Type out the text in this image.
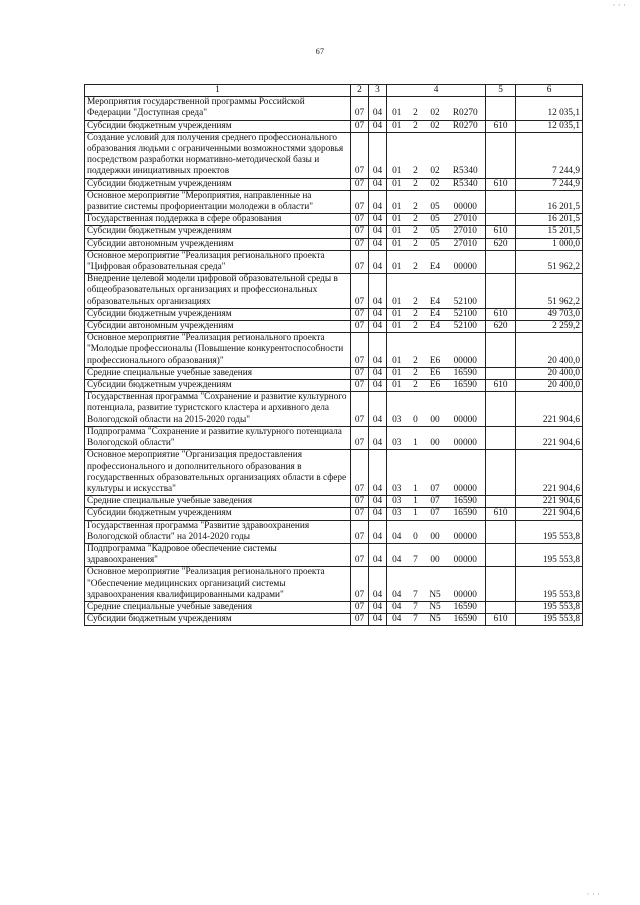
· · ·
67
1	2	3	4				5	6
Мероприятия государственной программы Российской Федерации "Доступная среда"	07	04	01	2	02	R0270		12 035,1
Субсидии бюджетным учреждениям	07	04	01	2	02	R0270	610	12 035,1
Создание условий для получения среднего профессионального образования людьми с ограниченными возможностями здоровья посредством разработки нормативно-методической базы и поддержки инициативных проектов	07	04	01	2	02	R5340		7 244,9
Субсидии бюджетным учреждениям	07	04	01	2	02	R5340	610	7 244,9
Основное мероприятие "Мероприятия, направленные на развитие системы профориентации молодежи в области"	07	04	01	2	05	00000		16 201,5
Государственная поддержка в сфере образования	07	04	01	2	05	27010		16 201,5
Субсидии бюджетным учреждениям	07	04	01	2	05	27010	610	15 201,5
Субсидии автономным учреждениям	07	04	01	2	05	27010	620	1 000,0
Основное мероприятие "Реализация регионального проекта "Цифровая образовательная среда"	07	04	01	2	E4	00000		51 962,2
Внедрение целевой модели цифровой образовательной среды в общеобразовательных организациях и профессиональных образовательных организациях	07	04	01	2	E4	52100		51 962,2
Субсидии бюджетным учреждениям	07	04	01	2	E4	52100	610	49 703,0
Субсидии автономным учреждениям	07	04	01	2	E4	52100	620	2 259,2
Основное мероприятие "Реализация регионального проекта "Молодые профессионалы (Повышение конкурентоспособности профессионального образования)"	07	04	01	2	E6	00000		20 400,0
Средние специальные учебные заведения	07	04	01	2	E6	16590		20 400,0
Субсидии бюджетным учреждениям	07	04	01	2	E6	16590	610	20 400,0
Государственная программа "Сохранение и развитие культурного потенциала, развитие туристского кластера и архивного дела Вологодской области на 2015-2020 годы"	07	04	03	0	00	00000		221 904,6
Подпрограмма "Сохранение и развитие культурного потенциала Вологодской области"	07	04	03	1	00	00000		221 904,6
Основное мероприятие "Организация предоставления профессионального и дополнительного образования в государственных образовательных организациях области в сфере культуры и искусства"	07	04	03	1	07	00000		221 904,6
Средние специальные учебные заведения	07	04	03	1	07	16590		221 904,6
Субсидии бюджетным учреждениям	07	04	03	1	07	16590	610	221 904,6
Государственная программа "Развитие здравоохранения Вологодской области" на 2014-2020 годы	07	04	04	0	00	00000		195 553,8
Подпрограмма "Кадровое обеспечение системы здравоохранения"	07	04	04	7	00	00000		195 553,8
Основное мероприятие "Реализация регионального проекта "Обеспечение медицинских организаций системы здравоохранения квалифицированными кадрами"	07	04	04	7	N5	00000		195 553,8
Средние специальные учебные заведения	07	04	04	7	N5	16590		195 553,8
Субсидии бюджетным учреждениям	07	04	04	7	N5	16590	610	195 553,8
· · ·
